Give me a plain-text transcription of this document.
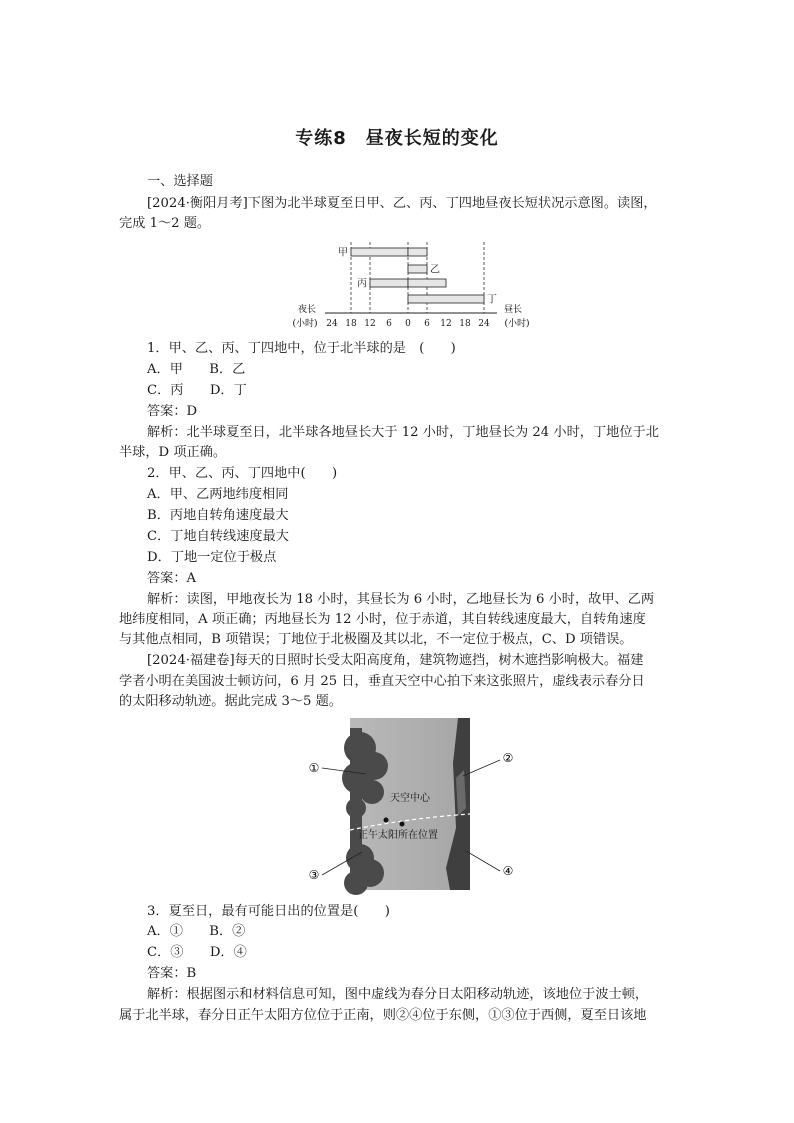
专练8　昼夜长短的变化
一、选择题
[2024·衡阳月考]下图为北半球夏至日甲、乙、丙、丁四地昼夜长短状况示意图。读图，
完成 1～2 题。
甲
乙
丙
丁
24 18 12 6 0 6 12 18 24
夜长
(小时)
昼长
(小时)
1．甲、乙、丙、丁四地中，位于北半球的是　(　　)
A．甲　　B．乙
C．丙　　D．丁
答案：D
解析：北半球夏至日，北半球各地昼长大于 12 小时，丁地昼长为 24 小时，丁地位于北
半球，D 项正确。
2．甲、乙、丙、丁四地中(　　)
A．甲、乙两地纬度相同
B．丙地自转角速度最大
C．丁地自转线速度最大
D．丁地一定位于极点
答案：A
解析：读图，甲地夜长为 18 小时，其昼长为 6 小时，乙地昼长为 6 小时，故甲、乙两
地纬度相同，A 项正确；丙地昼长为 12 小时，位于赤道，其自转线速度最大，自转角速度
与其他点相同，B 项错误；丁地位于北极圈及其以北，不一定位于极点，C、D 项错误。
[2024·福建卷]每天的日照时长受太阳高度角，建筑物遮挡，树木遮挡影响极大。福建
学者小明在美国波士顿访问，6 月 25 日，垂直天空中心拍下来这张照片，虚线表示春分日
的太阳移动轨迹。据此完成 3～5 题。
天空中心
正午太阳所在位置
①
②
③	④
3．夏至日，最有可能日出的位置是(　　)
A．①　　B．②
C．③　　D．④
答案：B
解析：根据图示和材料信息可知，图中虚线为春分日太阳移动轨迹，该地位于波士顿，
属于北半球，春分日正午太阳方位位于正南，则②④位于东侧，①③位于西侧，夏至日该地
